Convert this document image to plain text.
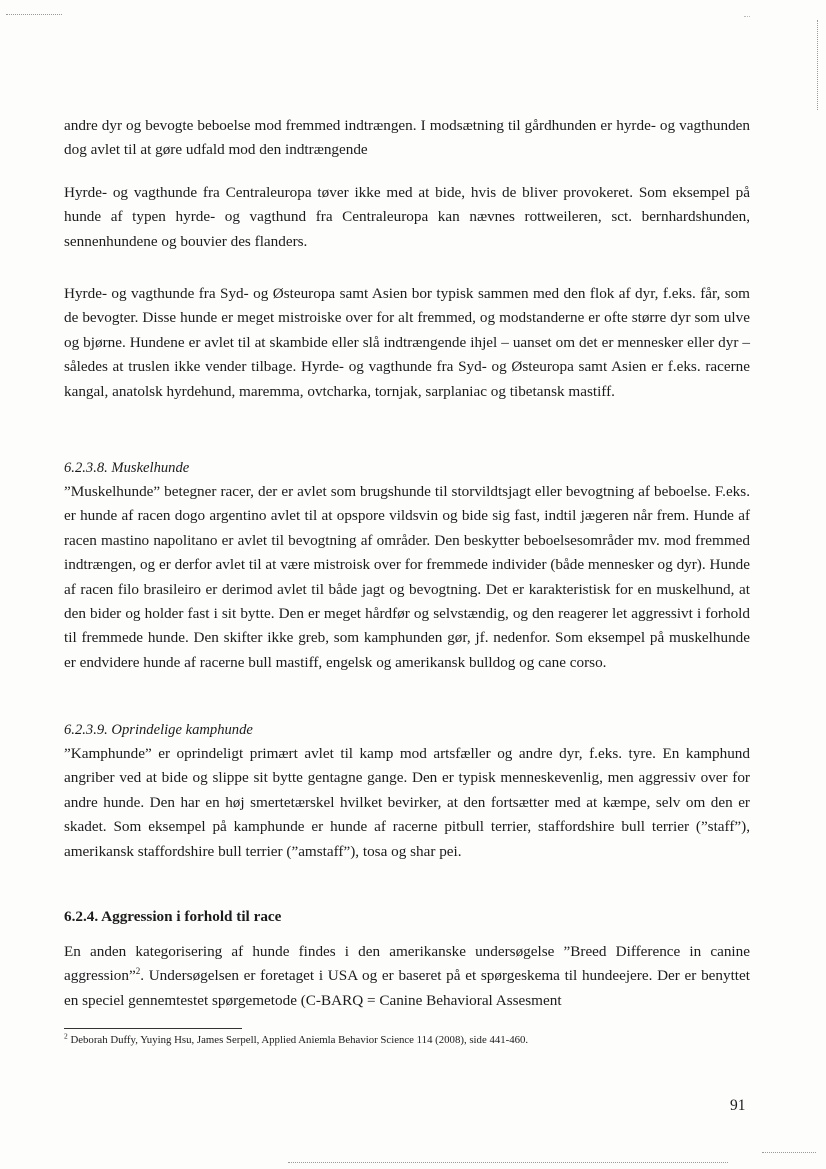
andre dyr og bevogte beboelse mod fremmed indtrængen. I modsætning til gårdhunden er hyrde- og vagthunden dog avlet til at gøre udfald mod den indtrængende

Hyrde- og vagthunde fra Centraleuropa tøver ikke med at bide, hvis de bliver provokeret. Som eksempel på hunde af typen hyrde- og vagthund fra Centraleuropa kan nævnes rottweileren, sct. bernhardshunden, sennenhundene og bouvier des flanders.

Hyrde- og vagthunde fra Syd- og Østeuropa samt Asien bor typisk sammen med den flok af dyr, f.eks. får, som de bevogter. Disse hunde er meget mistroiske over for alt fremmed, og modstanderne er ofte større dyr som ulve og bjørne. Hundene er avlet til at skambide eller slå indtrængende ihjel – uanset om det er mennesker eller dyr – således at truslen ikke vender tilbage. Hyrde- og vagthunde fra Syd- og Østeuropa samt Asien er f.eks. racerne kangal, anatolsk hyrdehund, maremma, ovtcharka, tornjak, sarplaniac og tibetansk mastiff.

6.2.3.8. Muskelhunde

”Muskelhunde” betegner racer, der er avlet som brugshunde til storvildtsjagt eller bevogtning af beboelse. F.eks. er hunde af racen dogo argentino avlet til at opspore vildsvin og bide sig fast, indtil jægeren når frem. Hunde af racen mastino napolitano er avlet til bevogtning af områder. Den beskytter beboelsesområder mv. mod fremmed indtrængen, og er derfor avlet til at være mistroisk over for fremmede individer (både mennesker og dyr). Hunde af racen filo brasileiro er derimod avlet til både jagt og bevogtning. Det er karakteristisk for en muskelhund, at den bider og holder fast i sit bytte. Den er meget hårdfør og selvstændig, og den reagerer let aggressivt i forhold til fremmede hunde. Den skifter ikke greb, som kamphunden gør, jf. nedenfor. Som eksempel på muskelhunde er endvidere hunde af racerne bull mastiff, engelsk og amerikansk bulldog og cane corso.

6.2.3.9. Oprindelige kamphunde

”Kamphunde” er oprindeligt primært avlet til kamp mod artsfæller og andre dyr, f.eks. tyre. En kamphund angriber ved at bide og slippe sit bytte gentagne gange. Den er typisk menneskevenlig, men aggressiv over for andre hunde. Den har en høj smertetærskel hvilket bevirker, at den fortsætter med at kæmpe, selv om den er skadet. Som eksempel på kamphunde er hunde af racerne pitbull terrier, staffordshire bull terrier (”staff”), amerikansk staffordshire bull terrier (”amstaff”), tosa og shar pei.

6.2.4. Aggression i forhold til race

En anden kategorisering af hunde findes i den amerikanske undersøgelse ”Breed Difference in canine aggression”$^2$. Undersøgelsen er foretaget i USA og er baseret på et spørgeskema til hundeejere. Der er benyttet en speciel gennemtestet spørgemetode (C-BARQ = Canine Behavioral Assesment

$^2$ Deborah Duffy, Yuying Hsu, James Serpell, Applied Aniemla Behavior Science 114 (2008), side 441-460.
91
